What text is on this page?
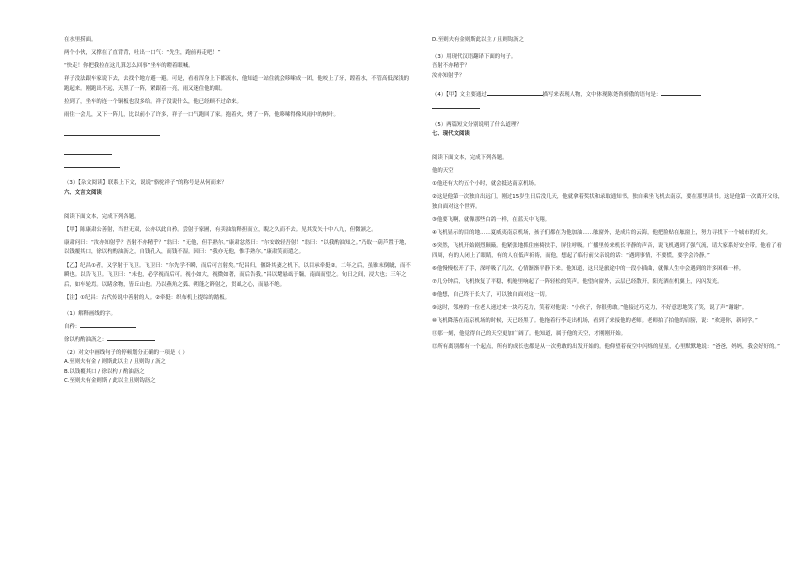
在水里捞面。

两个小伙，又撑在了直背背，吐出一口气：“先生，跑前再走吧！”

“快走！你把我拉在这儿算怎么回事”坐车的瞪着眼喊。

祥子没法跟车家说下去，去找个地方避一避。可是，看看浑身上下都流水，他知道一站住就会哆嗦成一团，他咬上了牙，蹚着水，不管高低深浅的跑起来。刚跑出不远，天黑了一阵，紧跟着一亮，雨又迷住他的眼。

拉到了，坐车的连一个铜板也没多给。祥子没说什么，他已经顾不过命来。

雨住一会儿，又下一阵儿，比以前小了许多，祥子一口气跑回了家。抱着火，烤了一阵，他哆嗦得像风雨中的树叶。

（3）【杂文阅读】联系上下文，说说“骆驼祥子”的称号是从何而来？

六、文言文阅读

阅读下面文本，完成下列各题。

【甲】陈康肃公善射，当世无双，公亦以此自矜。尝射于家圃，有卖油翁释担而立，睨之久而不去。见其发矢十中八九，但微颔之。

康肃问曰：“汝亦知射乎？吾射不亦精乎？”翁曰：“无他，但手熟尔。”康肃忿然曰：“尔安敢轻吾射！”翁曰：“以我酌油知之。”乃取一葫芦置于地，以钱覆其口，徐以杓酌油沥之，自钱孔入，而钱不湿。因曰：“我亦无他，惟手熟尔。”康肃笑而遣之。

【乙】纪昌①者，又学射于飞卫。飞卫曰：“尔先学不瞬，而后可言射矣。”纪昌归，偃卧其妻之机下，以目承牵挺②。二年之后，虽锥末倒眦，而不瞬也。以告飞卫。飞卫曰：“未也，必学视而后可。视小如大，视微如著，而后告我。”昌以氂悬虱于牖，南面而望之。旬日之间，浸大也；三年之后，如车轮焉。以睹余物，皆丘山也。乃以燕角之弧、朔蓬之簳射之，贯虱之心，而悬不绝。

【注】①纪昌：古代传说中善射的人。②牵挺：织布机上提综的踏板。

（1）解释画线的字。

自矜：

徐以杓酌油沥之：

（2）对文中画线句子的停顿划分正确的一项是（ ）

A.至则夫有金 / 则斯此以主 / 且则钩 / 沥之

B.以钱覆其口 / 徐以杓 / 酌油沥之

C.至则夫有金则斯 / 此以主且则钩沥之

D.至则夫有金则斯此以主 / 且则钩沥之

（3）用现代汉语翻译下面的句子。

吾射不亦精乎？

汝亦知射乎？

（4）【甲】文主要通过	描写来表现人物，文中体现陈尧咨骄傲的语句是：

（5）两篇短文分别说明了什么道理？

七、现代文阅读

阅读下面文本，完成下列各题。

他的天空

①他还有大约五个小时，就会抵达南京机场。

②这是他第一次独自出远门，刚过15岁生日后没几天，他就拿着奖状和录取通知书，独自乘坐飞机去南京，要在那里读书。这是他第一次离开父母，独自面对这个世界。

③他要飞啊，就像那些白鸽一样，在蓝天中飞翔。

④飞机显示的目的地……夏威夷南京机场，孩子们都在为他加油……舷窗外，是成片的云海，他把脸贴在舷窗上，努力寻找下一个城市的灯火。

⑤突然，飞机开始剧烈颠簸。他紧张地抓住座椅扶手，屏住呼吸。广播里传来机长平静的声音，说飞机遇到了强气流，请大家系好安全带。他看了看四周，有的人闭上了眼睛，有的人在低声祈祷，而他，想起了临行前父亲说的话：“遇到事情，不要慌，要学会冷静。”

⑥他慢慢松开了手，深呼吸了几次，心情渐渐平静下来。他知道，这只是旅途中的一段小插曲，就像人生中会遇到的许多困难一样。

⑦几分钟后，飞机恢复了平稳，机舱里响起了一阵轻松的笑声。他望向窗外，云层已经散开，阳光洒在机翼上，闪闪发光。

⑧他想，自己终于长大了，可以独自面对这一切。

⑨这时，邻座的一位老人递过来一块巧克力，笑着对他说：“小伙子，你很勇敢。”他接过巧克力，不好意思地笑了笑，说了声“谢谢”。

⑩飞机降落在南京机场的时候，天已经黑了。他拖着行李走出机场，看到了来接他的老师。老师拍了拍他的肩膀，说：“欢迎你，新同学。”

⑪那一刻，他觉得自己的天空更加广阔了。他知道，属于他的天空，才刚刚开始。

⑫所有离别都有一个起点，所有的成长也都是从一次勇敢的出发开始的。他仰望着夜空中闪烁的星星，心里默默地说：“爸爸，妈妈，我会好好的。”
